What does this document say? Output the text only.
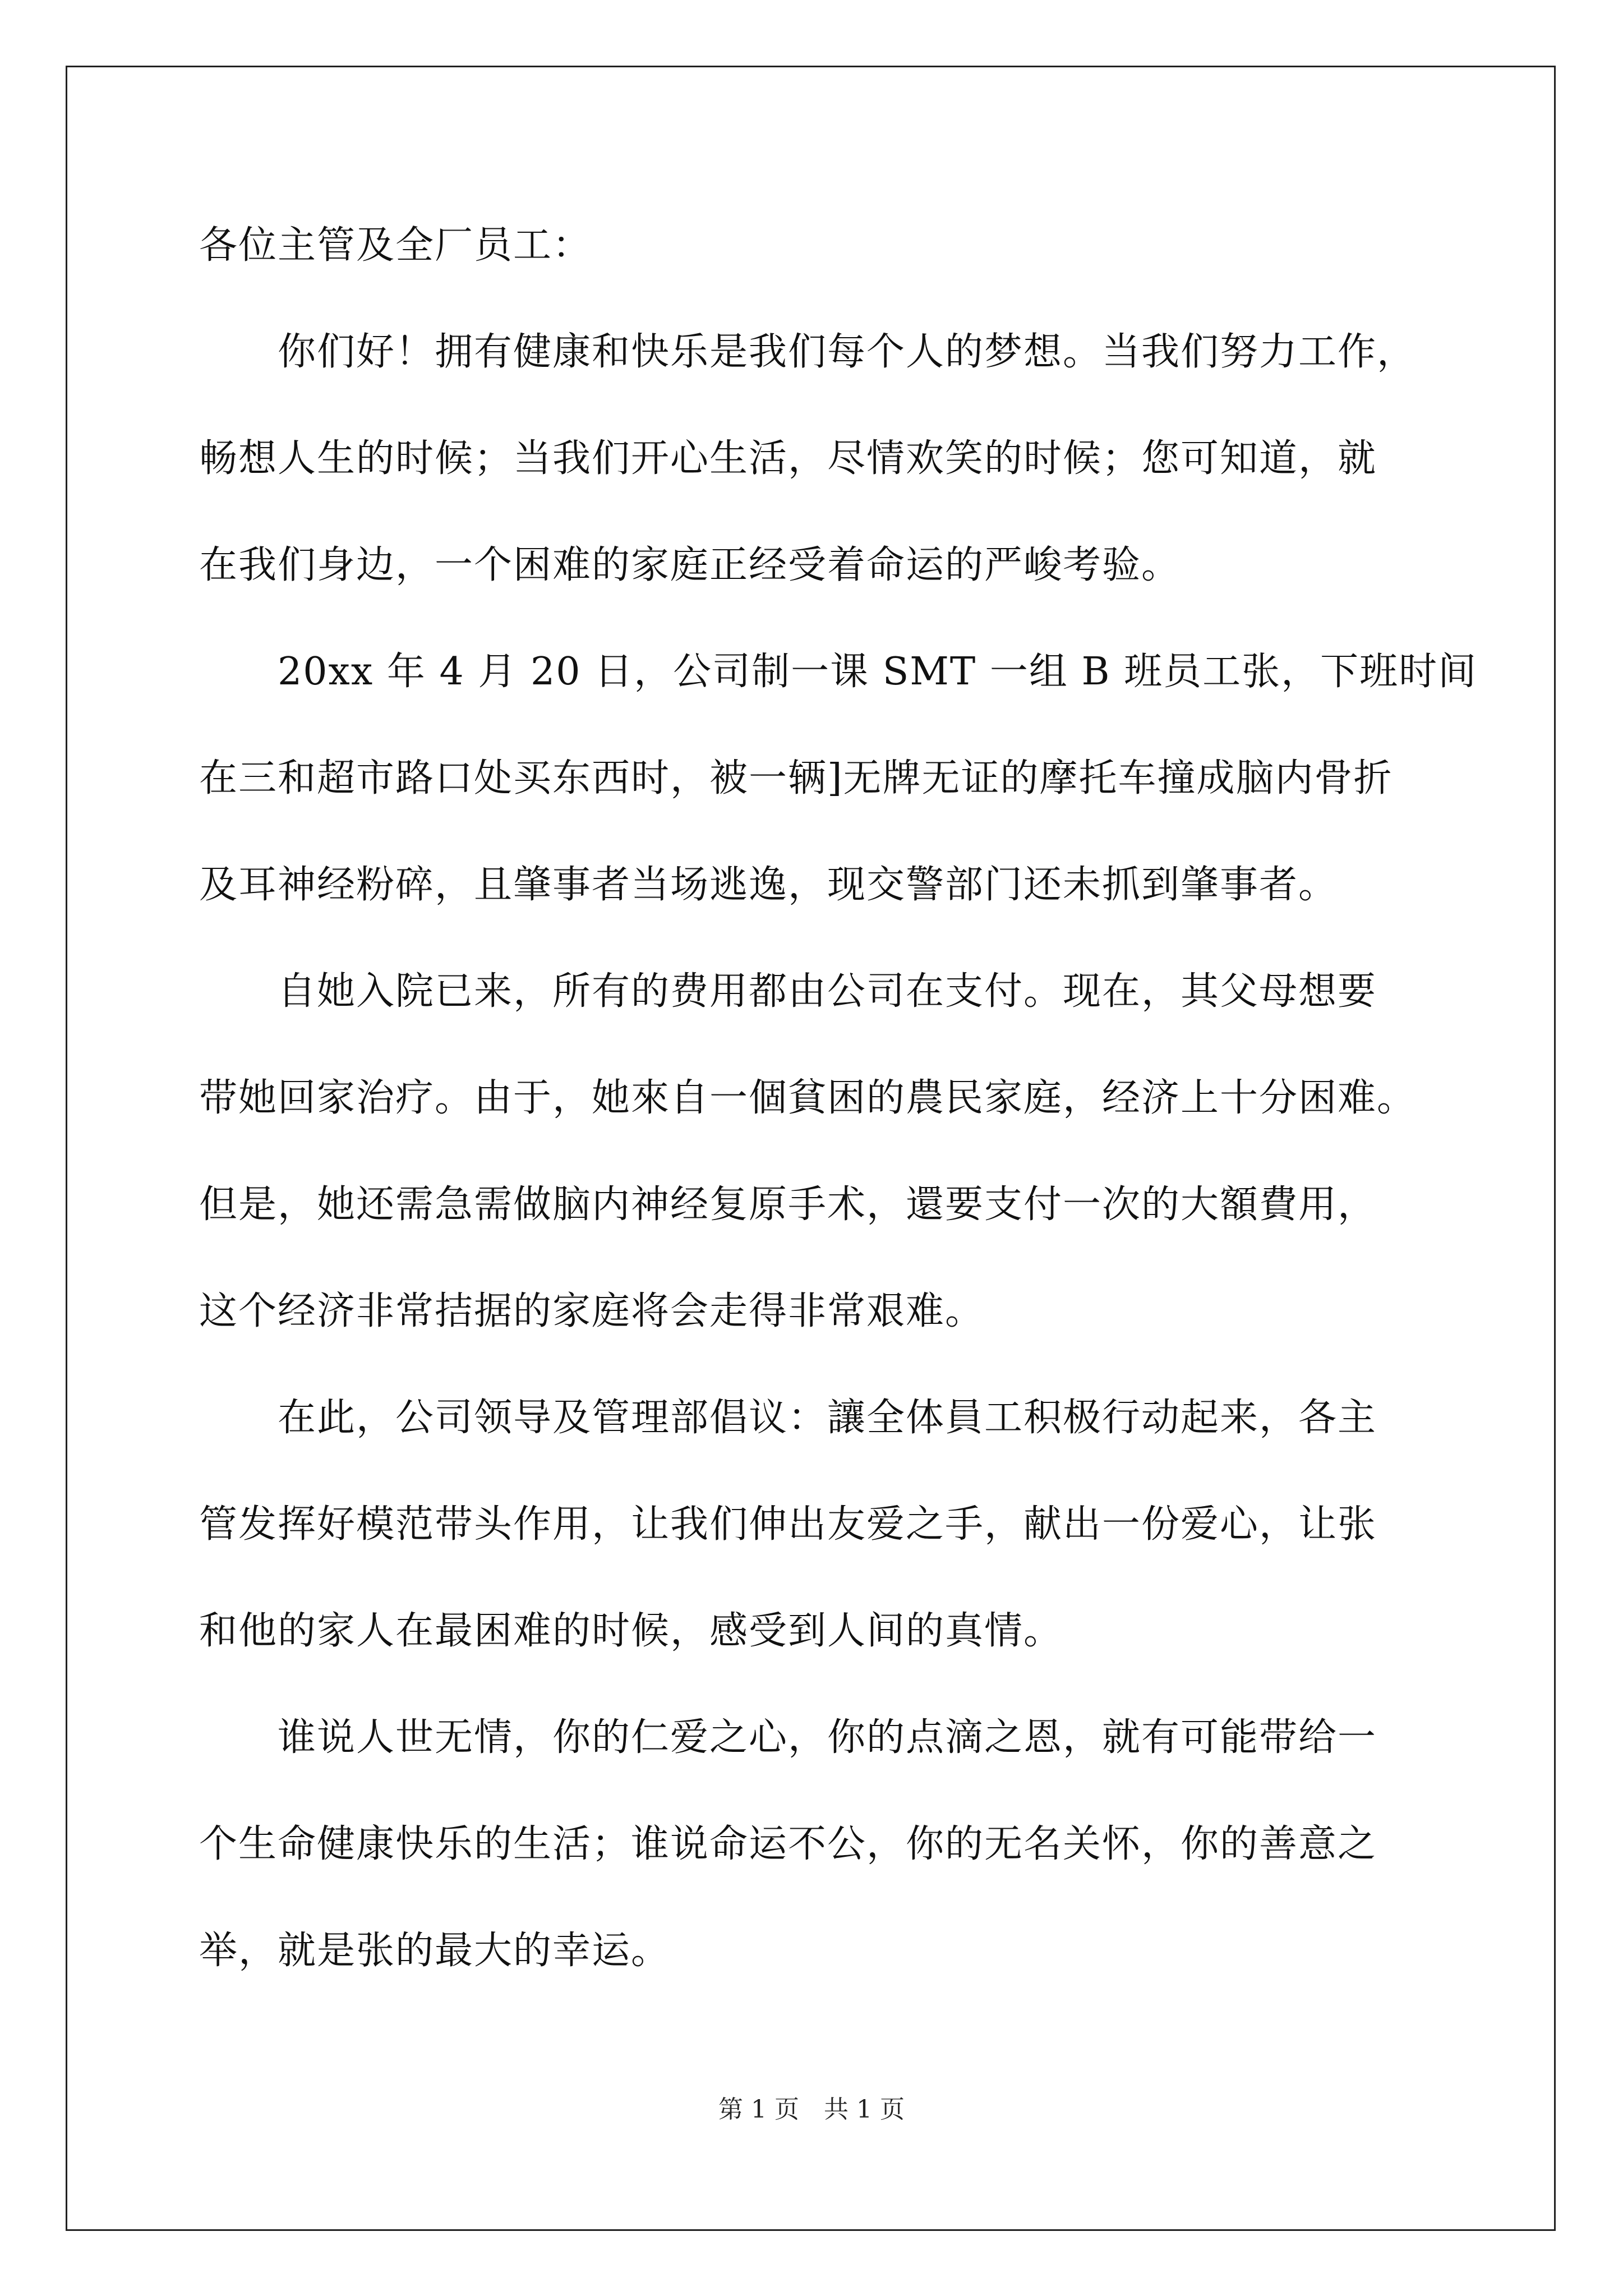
各位主管及全厂员工：
你们好！拥有健康和快乐是我们每个人的梦想。当我们努力工作，
畅想人生的时候；当我们开心生活，尽情欢笑的时候；您可知道，就
在我们身边，一个困难的家庭正经受着命运的严峻考验。
20xx 年 4 月 20 日，公司制一课 SMT 一组 B 班员工张，下班时间
在三和超市路口处买东西时，被一辆]无牌无证的摩托车撞成脑内骨折
及耳神经粉碎，且肇事者当场逃逸，现交警部门还未抓到肇事者。
自她入院已来，所有的费用都由公司在支付。现在，其父母想要
带她回家治疗。由于，她來自一個貧困的農民家庭，经济上十分困难。
但是，她还需急需做脑内神经复原手术，還要支付一次的大額費用，
这个经济非常拮据的家庭将会走得非常艰难。
在此，公司领导及管理部倡议：讓全体員工积极行动起来，各主
管发挥好模范带头作用，让我们伸出友爱之手，献出一份爱心，让张
和他的家人在最困难的时候，感受到人间的真情。
谁说人世无情，你的仁爱之心，你的点滴之恩，就有可能带给一
个生命健康快乐的生活；谁说命运不公，你的无名关怀，你的善意之
举，就是张的最大的幸运。
第 1 页　共 1 页
